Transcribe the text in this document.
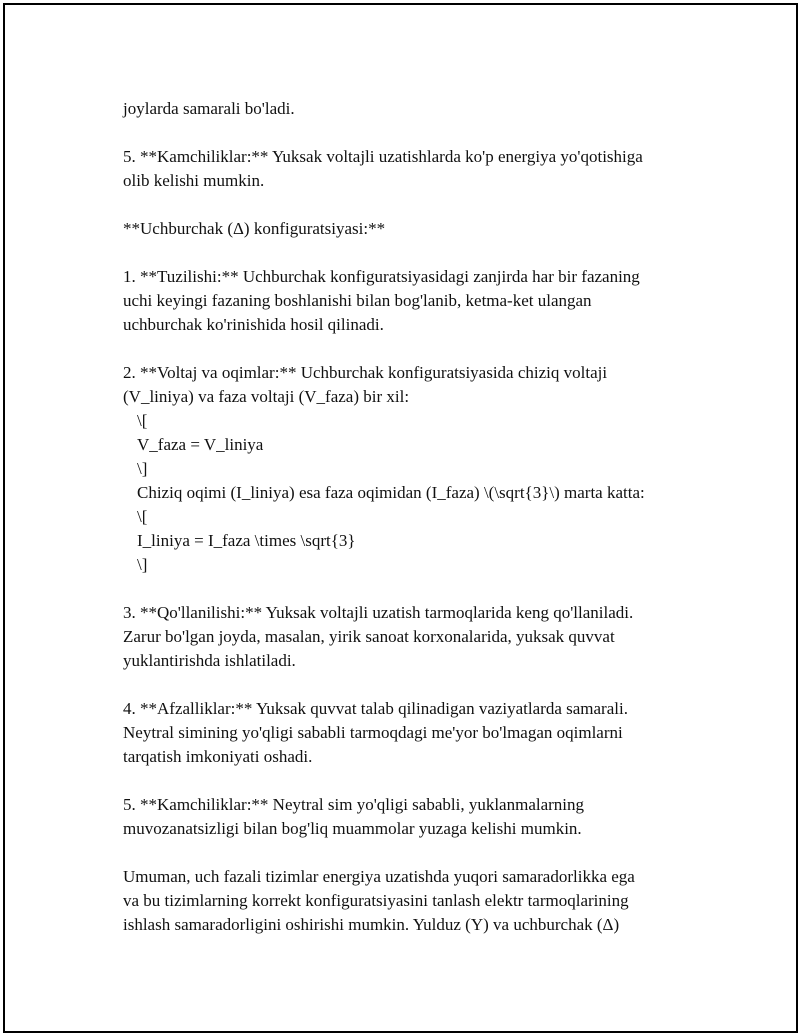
joylarda samarali bo'ladi.
5. **Kamchiliklar:** Yuksak voltajli uzatishlarda ko'p energiya yo'qotishiga
olib kelishi mumkin.
**Uchburchak (Δ) konfiguratsiyasi:**
1. **Tuzilishi:** Uchburchak konfiguratsiyasidagi zanjirda har bir fazaning
uchi keyingi fazaning boshlanishi bilan bog'lanib, ketma-ket ulangan
uchburchak ko'rinishida hosil qilinadi.
2. **Voltaj va oqimlar:** Uchburchak konfiguratsiyasida chiziq voltaji
(V_liniya) va faza voltaji (V_faza) bir xil:
\[
V_faza = V_liniya
\]
Chiziq oqimi (I_liniya) esa faza oqimidan (I_faza) \(\sqrt{3}\) marta katta:
\[
I_liniya = I_faza \times \sqrt{3}
\]
3. **Qo'llanilishi:** Yuksak voltajli uzatish tarmoqlarida keng qo'llaniladi.
Zarur bo'lgan joyda, masalan, yirik sanoat korxonalarida, yuksak quvvat
yuklantirishda ishlatiladi.
4. **Afzalliklar:** Yuksak quvvat talab qilinadigan vaziyatlarda samarali.
Neytral simining yo'qligi sababli tarmoqdagi me'yor bo'lmagan oqimlarni
tarqatish imkoniyati oshadi.
5. **Kamchiliklar:** Neytral sim yo'qligi sababli, yuklanmalarning
muvozanatsizligi bilan bog'liq muammolar yuzaga kelishi mumkin.
Umuman, uch fazali tizimlar energiya uzatishda yuqori samaradorlikka ega
va bu tizimlarning korrekt konfiguratsiyasini tanlash elektr tarmoqlarining
ishlash samaradorligini oshirishi mumkin. Yulduz (Y) va uchburchak (Δ)
